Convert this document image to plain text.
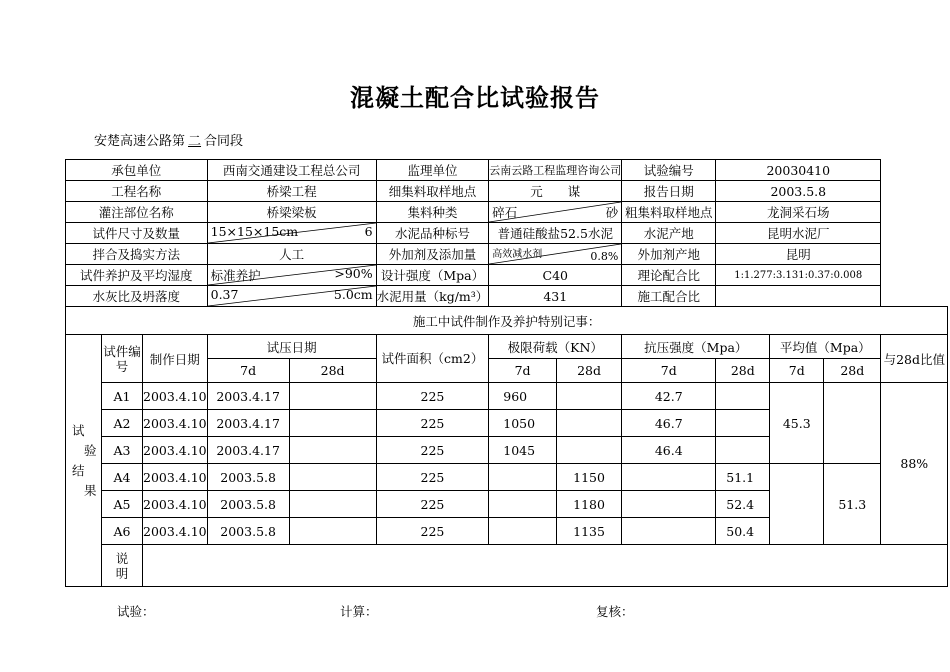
混凝土配合比试验报告
安楚高速公路第 二 合同段
承包单位			西南交通建设工程总公司		监理单位	云南云路工程监理咨询公司		试验编号	20030410			
工程名称			桥梁工程		细集料取样地点	元　　谋		报告日期	2003.5.8			
灌注部位名称			桥梁梁板		集料种类	碎石 砂		粗集料取样地点	龙洞采石场			
试件尺寸及数量			15×15×15cm 6		水泥品种标号	普通硅酸盐52.5水泥		水泥产地	昆明水泥厂			
拌合及捣实方法			人工		外加剂及添加量	高效减水剂 0.8%		外加剂产地	昆明			
试件养护及平均湿度			标准养护 >90%		设计强度（Mpa）	C40		理论配合比	1:1.277:3.131:0.37:0.008			
水灰比及坍落度			0.37 5.0cm		水泥用量（kg/m³）	431		施工配合比				
施工中试件制作及养护特别记事：												

试
验
结
果	试件编号	制作日期	试压日期		试件面积（cm2）	极限荷载（KN）		抗压强度（Mpa）		平均值（Mpa）		与28d比值
			7d	28d		7d	28d	7d	28d	7d	28d	
	A1	2003.4.10	2003.4.17		225	960		42.7		45.3		88%
	A2	2003.4.10	2003.4.17		225	1050		46.7				
	A3	2003.4.10	2003.4.17		225	1045		46.4				
	A4	2003.4.10	2003.5.8		225		1150		51.1		51.3	
	A5	2003.4.10	2003.5.8		225		1180		52.4			
	A6	2003.4.10	2003.5.8		225		1135		50.4			

	说
明											

试验：	计算：	复核：
